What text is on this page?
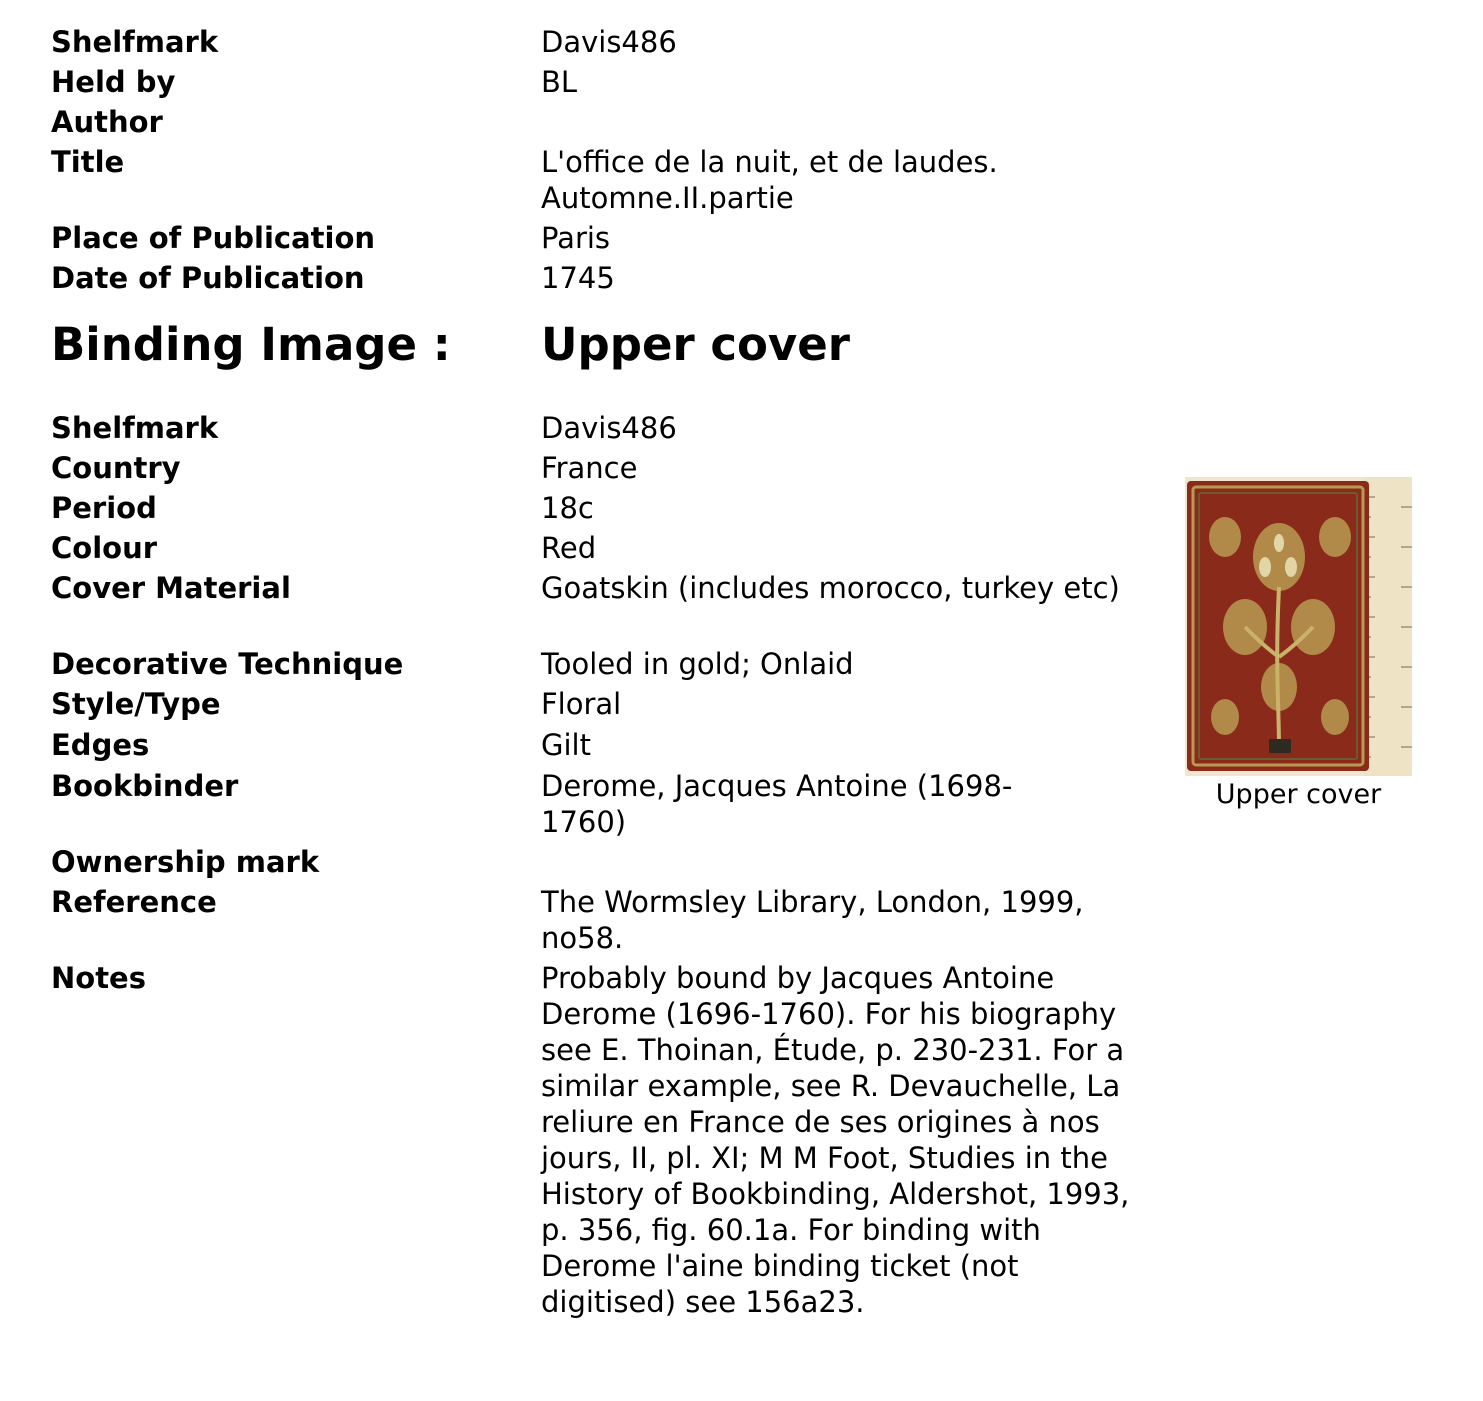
Shelfmark	Davis486
Held by	BL
Author
Title	L'office de la nuit, et de laudes. Automne.II.partie
Place of Publication	Paris
Date of Publication	1745
Binding Image : Upper cover
Shelfmark	Davis486
Country	France
Period	18c
Colour	Red
Cover Material	Goatskin (includes morocco, turkey etc)
Decorative Technique	Tooled in gold; Onlaid
Style/Type	Floral
Edges	Gilt
Bookbinder	Derome, Jacques Antoine (1698-1760)
Ownership mark
Reference	The Wormsley Library, London, 1999, no58.
Notes	Probably bound by Jacques Antoine Derome (1696-1760). For his biography see E. Thoinan, Étude, p. 230-231. For a similar example, see R. Devauchelle, La reliure en France de ses origines à nos jours, II, pl. XI; M M Foot, Studies in the History of Bookbinding, Aldershot, 1993, p. 356, fig. 60.1a. For binding with Derome l'aine binding ticket (not digitised) see 156a23.
Upper cover
